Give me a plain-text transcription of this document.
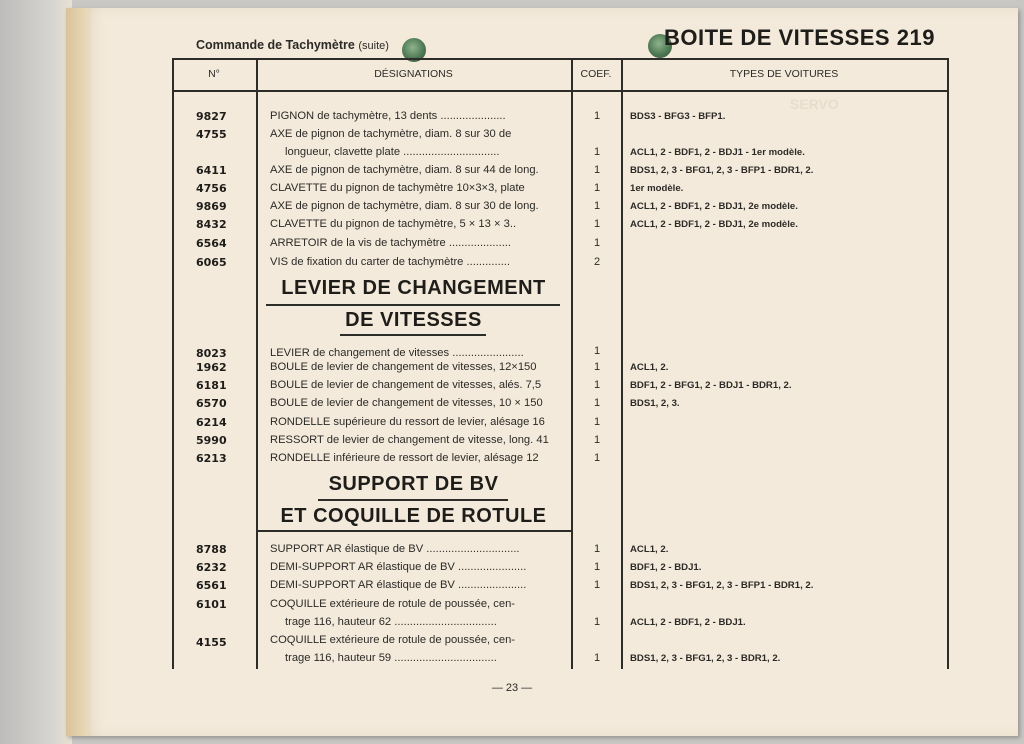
Commande de Tachymètre (suite)	BOITE DE VITESSES 219
N°	DÉSIGNATIONS	COEF.	TYPES DE VOITURES
SERVO
9827	PIGNON de tachymètre, 13 dents .....................	1	BDS3 - BFG3 - BFP1.
4755	AXE de pignon de tachymètre, diam. 8 sur 30 de
longueur, clavette plate ...............................	1	ACL1, 2 - BDF1, 2 - BDJ1 - 1er modèle.
6411	AXE de pignon de tachymètre, diam. 8 sur 44 de long.	1	BDS1, 2, 3 - BFG1, 2, 3 - BFP1 - BDR1, 2.
4756	CLAVETTE du pignon de tachymètre 10×3×3, plate	1	1er modèle.
9869	AXE de pignon de tachymètre, diam. 8 sur 30 de long.	1	ACL1, 2 - BDF1, 2 - BDJ1, 2e modèle.
8432	CLAVETTE du pignon de tachymètre, 5 × 13 × 3..	1	ACL1, 2 - BDF1, 2 - BDJ1, 2e modèle.
6564	ARRETOIR de la vis de tachymètre ....................	1
6065	VIS de fixation du carter de tachymètre ..............	2
LEVIER DE CHANGEMENT
DE VITESSES
8023	LEVIER de changement de vitesses .......................	1
1962	BOULE de levier de changement de vitesses, 12×150	1	ACL1, 2.
6181	BOULE de levier de changement de vitesses, alés. 7,5	1	BDF1, 2 - BFG1, 2 - BDJ1 - BDR1, 2.
6570	BOULE de levier de changement de vitesses, 10 × 150	1	BDS1, 2, 3.
6214	RONDELLE supérieure du ressort de levier, alésage 16	1
5990	RESSORT de levier de changement de vitesse, long. 41	1
6213	RONDELLE inférieure de ressort de levier, alésage 12	1
SUPPORT DE BV
ET COQUILLE DE ROTULE
8788	SUPPORT AR élastique de BV ..............................	1	ACL1, 2.
6232	DEMI-SUPPORT AR élastique de BV ......................	1	BDF1, 2 - BDJ1.
6561	DEMI-SUPPORT AR élastique de BV ......................	1	BDS1, 2, 3 - BFG1, 2, 3 - BFP1 - BDR1, 2.
6101	COQUILLE extérieure de rotule de poussée, cen-
trage 116, hauteur 62 .................................	1	ACL1, 2 - BDF1, 2 - BDJ1.
4155	COQUILLE extérieure de rotule de poussée, cen-
trage 116, hauteur 59 .................................	1	BDS1, 2, 3 - BFG1, 2, 3 - BDR1, 2.
— 23 —
